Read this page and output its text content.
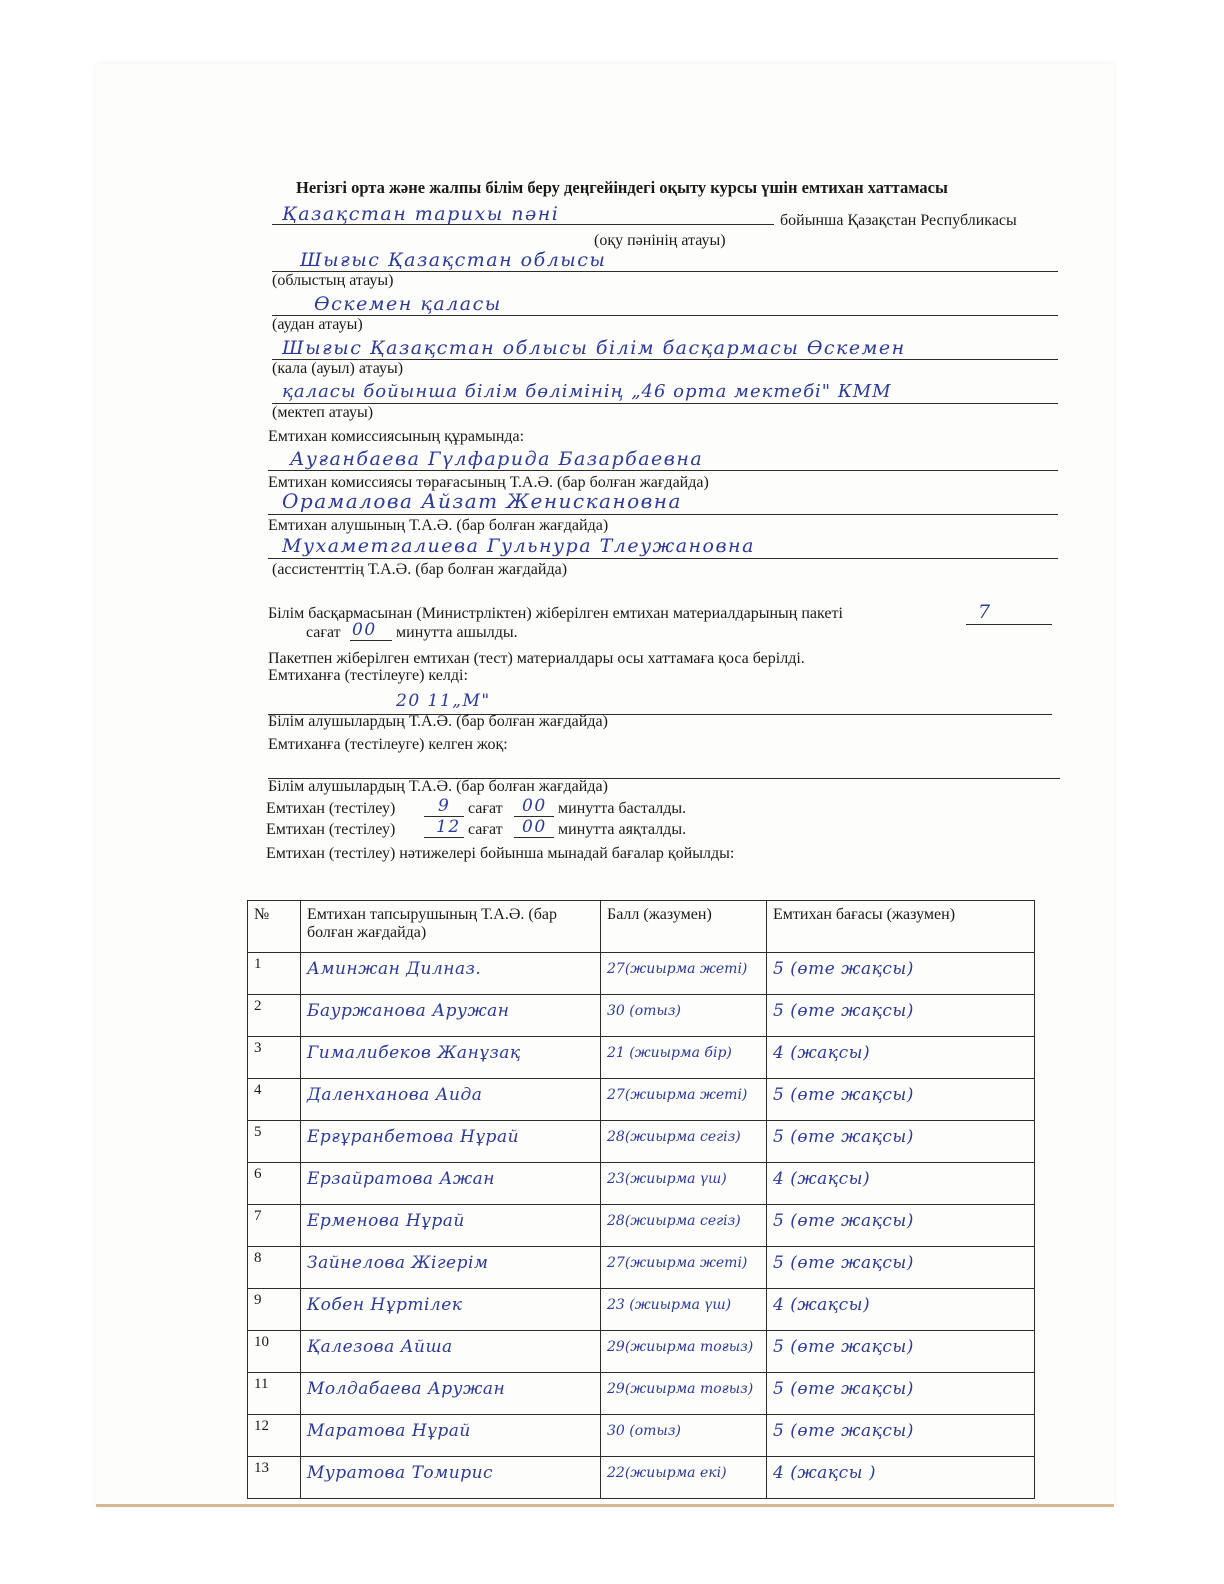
Негізгі орта және жалпы білім беру деңгейіндегі оқыту курсы үшін емтихан хаттамасы
Қазақстан тарихы пәні	бойынша Қазақстан Республикасы
(оқу пәнінің атауы)
Шығыс Қазақстан облысы
(облыстың атауы)
Өскемен қаласы
(аудан атауы)
Шығыс Қазақстан облысы білім басқармасы Өскемен
(кала (ауыл) атауы)
қаласы бойынша білім бөлімінің „46 орта мектебі" КММ
(мектеп атауы)
Емтихан комиссиясының құрамында:
Ауғанбаева Гүлфарида Базарбаевна
Емтихан комиссиясы төрағасының Т.А.Ә. (бар болған жағдайда)
Орамалова Айзат Женискановна
Емтихан алушының Т.А.Ә. (бар болған жағдайда)
Мухаметгалиева Гульнура Тлеужановна
(ассистенттің Т.А.Ә. (бар болған жағдайда)
Білім басқармасынан (Министрліктен) жіберілген емтихан материалдарының пакеті	7
сағат 00 минутта ашылды.
Пакетпен жіберілген емтихан (тест) материалдары осы хаттамаға қоса берілді.
Емтиханға (тестілеуге) келді:
20 11„М"
Білім алушылардың Т.А.Ә. (бар болған жағдайда)
Емтиханға (тестілеуге) келген жоқ:
Білім алушылардың Т.А.Ә. (бар болған жағдайда)
Емтихан (тестілеу)	9 сағат 00 минутта басталды.
Емтихан (тестілеу) 12 сағат 00 минутта аяқталды.
Емтихан (тестілеу) нәтижелері бойынша мынадай бағалар қойылды:
№	Емтихан тапсырушының Т.А.Ә. (бар болған жағдайда)	Балл (жазумен)	Емтихан бағасы (жазумен)
1	Аминжан Дилназ.	27(жиырма жеті)	5 (өте жақсы)
2	Бауржанова Аружан	30 (отыз)	5 (өте жақсы)
3	Гималибеков Жанұзақ	21 (жиырма бір)	4 (жақсы)
4	Даленханова Аида	27(жиырма жеті)	5 (өте жақсы)
5	Ерғұранбетова Нұрай	28(жиырма сегіз)	5 (өте жақсы)
6	Ерзайратова Ажан	23(жиырма үш)	4 (жақсы)
7	Ерменова Нұрай	28(жиырма сегіз)	5 (өте жақсы)
8	Зайнелова Жігерім	27(жиырма жеті)	5 (өте жақсы)
9	Кобен Нұртілек	23 (жиырма үш)	4 (жақсы)
10	Қалезова Айша	29(жиырма тоғыз)	5 (өте жақсы)
11	Молдабаева Аружан	29(жиырма тоғыз)	5 (өте жақсы)
12	Маратова Нұрай	30 (отыз)	5 (өте жақсы)
13	Муратова Томирис	22(жиырма екі)	4 (жақсы )
